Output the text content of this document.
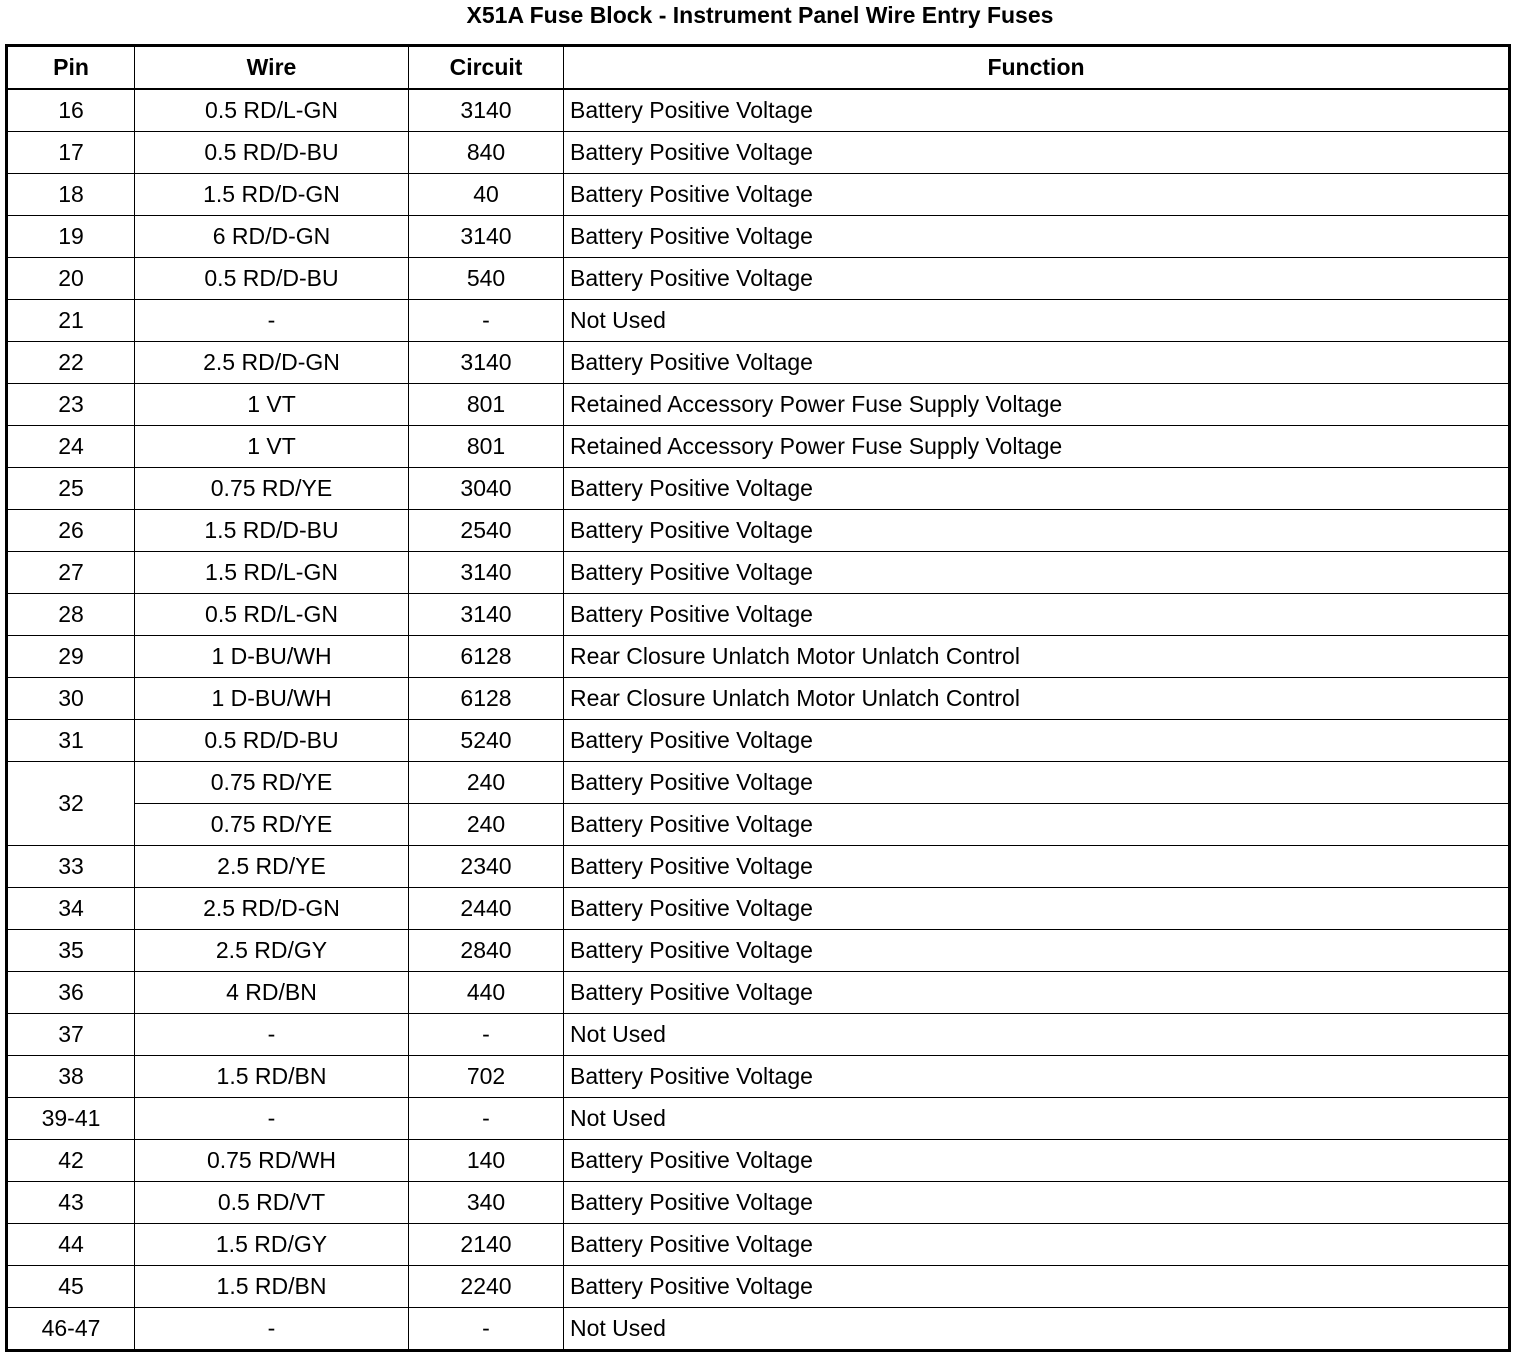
X51A Fuse Block - Instrument Panel Wire Entry Fuses
Pin	Wire	Circuit	Function
16	0.5 RD/L-GN	3140	Battery Positive Voltage
17	0.5 RD/D-BU	840	Battery Positive Voltage
18	1.5 RD/D-GN	40	Battery Positive Voltage
19	6 RD/D-GN	3140	Battery Positive Voltage
20	0.5 RD/D-BU	540	Battery Positive Voltage
21	-	-	Not Used
22	2.5 RD/D-GN	3140	Battery Positive Voltage
23	1 VT	801	Retained Accessory Power Fuse Supply Voltage
24	1 VT	801	Retained Accessory Power Fuse Supply Voltage
25	0.75 RD/YE	3040	Battery Positive Voltage
26	1.5 RD/D-BU	2540	Battery Positive Voltage
27	1.5 RD/L-GN	3140	Battery Positive Voltage
28	0.5 RD/L-GN	3140	Battery Positive Voltage
29	1 D-BU/WH	6128	Rear Closure Unlatch Motor Unlatch Control
30	1 D-BU/WH	6128	Rear Closure Unlatch Motor Unlatch Control
31	0.5 RD/D-BU	5240	Battery Positive Voltage
32	0.75 RD/YE	240	Battery Positive Voltage
	0.75 RD/YE	240	Battery Positive Voltage
33	2.5 RD/YE	2340	Battery Positive Voltage
34	2.5 RD/D-GN	2440	Battery Positive Voltage
35	2.5 RD/GY	2840	Battery Positive Voltage
36	4 RD/BN	440	Battery Positive Voltage
37	-	-	Not Used
38	1.5 RD/BN	702	Battery Positive Voltage
39-41	-	-	Not Used
42	0.75 RD/WH	140	Battery Positive Voltage
43	0.5 RD/VT	340	Battery Positive Voltage
44	1.5 RD/GY	2140	Battery Positive Voltage
45	1.5 RD/BN	2240	Battery Positive Voltage
46-47	-	-	Not Used
